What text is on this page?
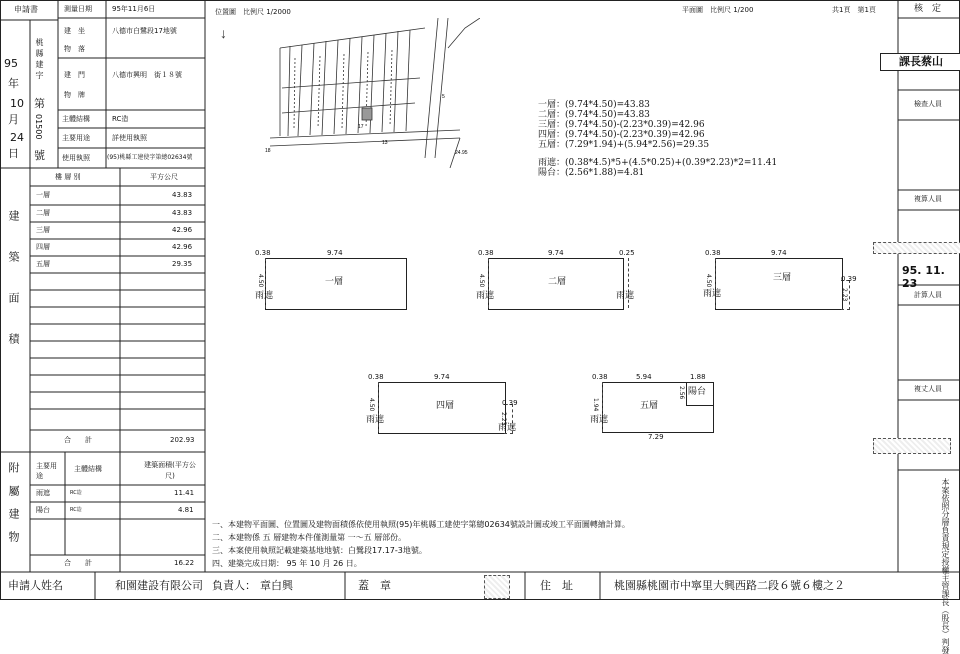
申請書
桃縣建字
95
年
10
月
24
日
第
01500
號
測量日期	95年11月6日
建　坐
物　落
八德市白鷺段17地號
建　門
物　牌
八德市興明　街１８號
主體結構	RC造
主要用途	詳使用執照
使用執照	(95)桃縣工建使字第總02634號
建築面積
樓 層 別	平方公尺
一層	43.83
二層	43.83
三層	42.96
四層	42.96
五層	29.35
合　　計	202.93
附屬建物 主要用途
主體結構	建築面積(平方公尺)
雨遮	RC造	11.41
陽台	RC造	4.81
合　　計	16.22
位置圖　比例尺 1/2000	平面圖　比例尺 1/200	共1頁　第1頁
↓
17
18	24.95
5
13
一層：(9.74*4.50)=43.83
二層：(9.74*4.50)=43.83
三層：(9.74*4.50)-(2.23*0.39)=42.96
四層：(9.74*4.50)-(2.23*0.39)=42.96
五層：(7.29*1.94)+(5.94*2.56)=29.35
雨遮：(0.38*4.5)*5+(4.5*0.25)+(0.39*2.23)*2=11.41
陽台：(2.56*1.88)=4.81
0.38	9.74
4.50	一層
雨遮
0.38	9.74	0.25
4.50	二層
雨遮	雨遮
0.38	9.74
0.39
2.23
4.50	三層
雨遮
0.38	9.74
0.39
2.23
4.50	四層
雨遮
雨遮
0.38	5.94	1.88
陽台
2.56
1.94	五層
雨遮
7.29
一、本建物平面圖、位置圖及建物面積係依使用執照(95)年桃縣工建使字第總02634號設計圖或竣工平面圖轉繪計算。
二、本建物係 五 層建物本件僅測量第 一～五 層部份。
三、本案使用執照記載建築基地地號：白鷺段17.17-3地號。
四、建築完成日期： 95 年 10 月 26 日。
核　定
課長蔡山
檢查人員
複算人員
95. 11. 23
計算人員
複丈人員
本案依照分層負責規定授權主管課長（股長）判發
申請人姓名	和園建設有限公司 負責人： 章白興	蓋　章	住　址	桃園縣桃園市中寧里大興西路二段６號６樓之２
